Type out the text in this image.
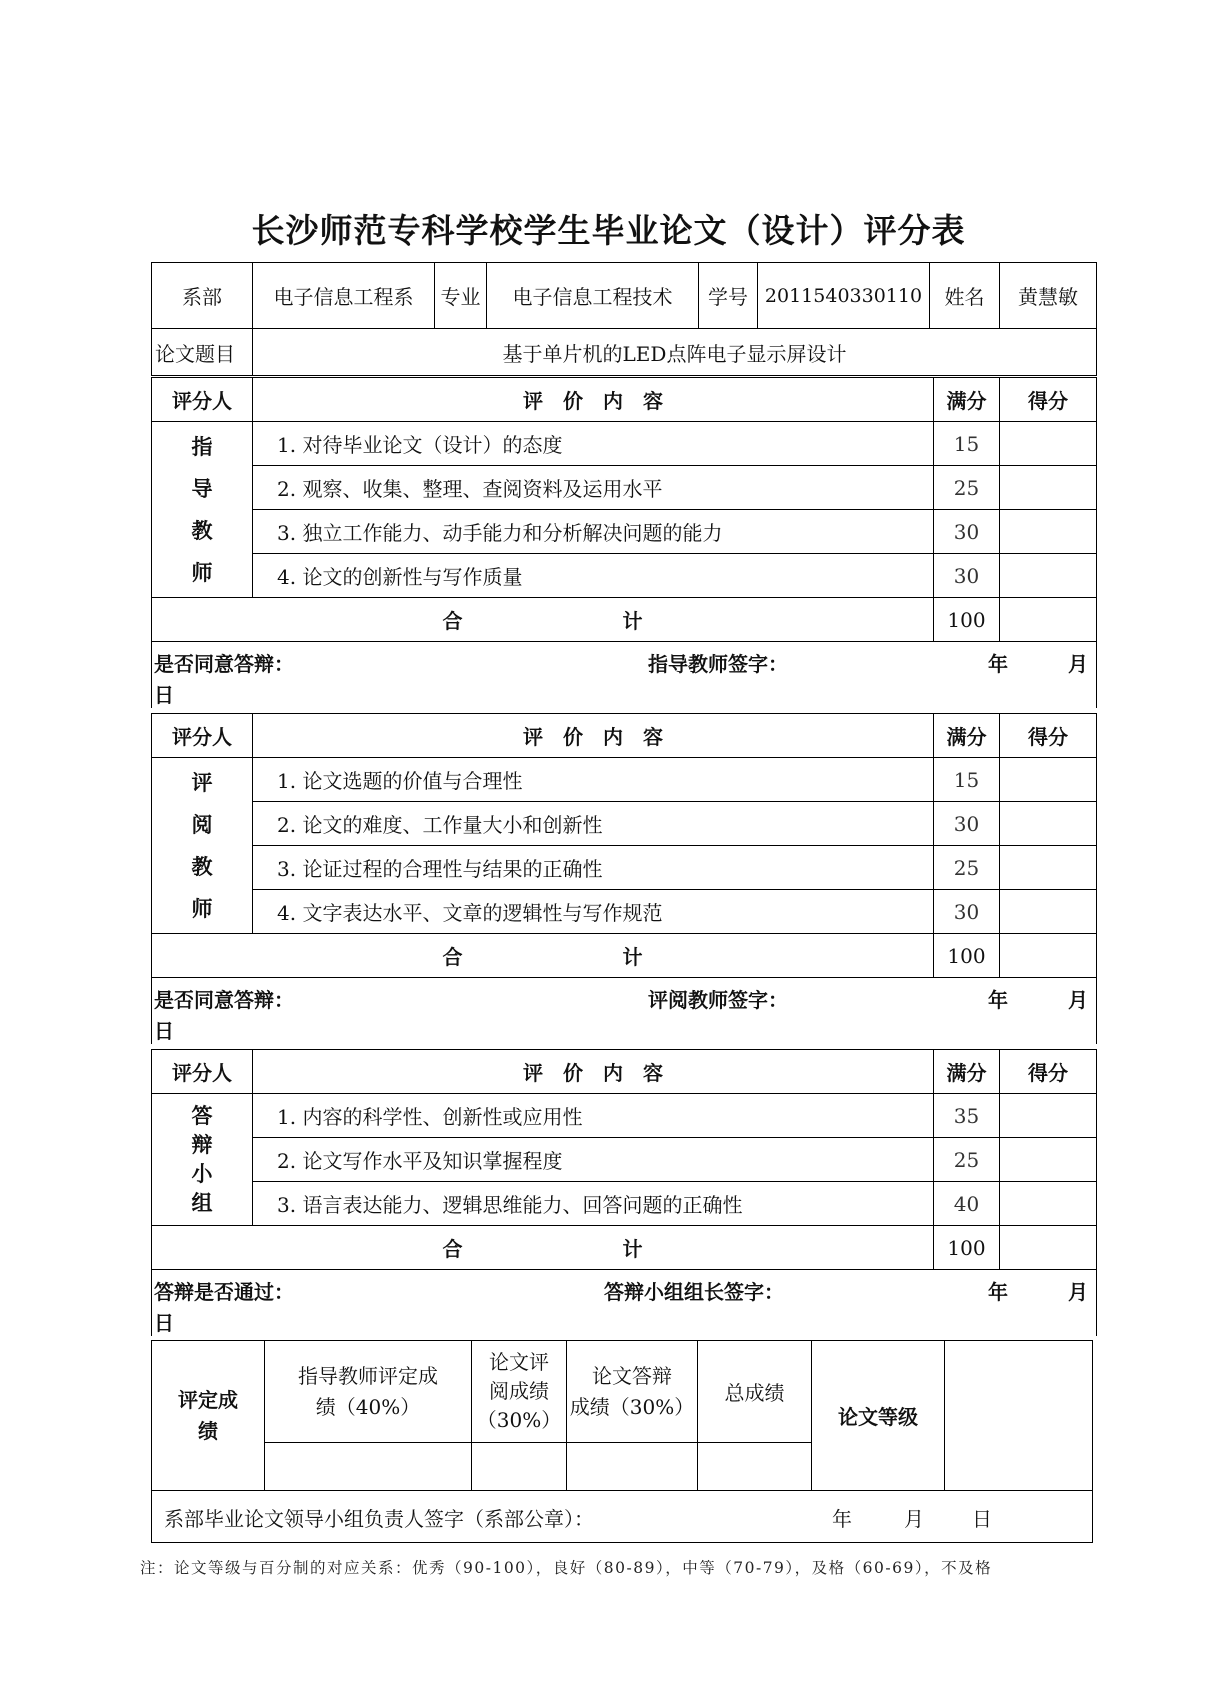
长沙师范专科学校学生毕业论文（设计）评分表
系部	电子信息工程系	专业	电子信息工程技术	学号	2011540330110	姓名	黄慧敏
论文题目	基于单片机的LED点阵电子显示屏设计						
评分人	评　价　内　容	满分	得分

指
导
教
师	1. 对待毕业论文（设计）的态度	15	
	2. 观察、收集、整理、查阅资料及运用水平	25	
	3. 独立工作能力、动手能力和分析解决问题的能力	30	
	4. 论文的创新性与写作质量	30	
合　　　　　　　　计		100	

是否同意答辩： 指导教师签字： 年 月
日			
评分人	评　价　内　容	满分	得分

评
阅
教
师	1. 论文选题的价值与合理性	15	
	2. 论文的难度、工作量大小和创新性	30	
	3. 论证过程的合理性与结果的正确性	25	
	4. 文字表达水平、文章的逻辑性与写作规范	30	
合　　　　　　　　计		100	

是否同意答辩： 评阅教师签字： 年 月
日			
评分人	评　价　内　容	满分	得分

答
辩
小
组	1. 内容的科学性、创新性或应用性	35	
	2. 论文写作水平及知识掌握程度	25	
	3. 语言表达能力、逻辑思维能力、回答问题的正确性	40	
合　　　　　　　　计		100	

答辩是否通过： 答辩小组组长签字： 年 月
日			
评定成
绩	指导教师评定成
绩（40%）	论文评
阅成绩
（30%）	论文答辩
成绩（30%）	总成绩	论文等级	

系部毕业论文领导小组负责人签字（系部公章）： 年 月 日						
注：论文等级与百分制的对应关系：优秀（90-100），良好（80-89），中等（70-79），及格（60-69），不及格
